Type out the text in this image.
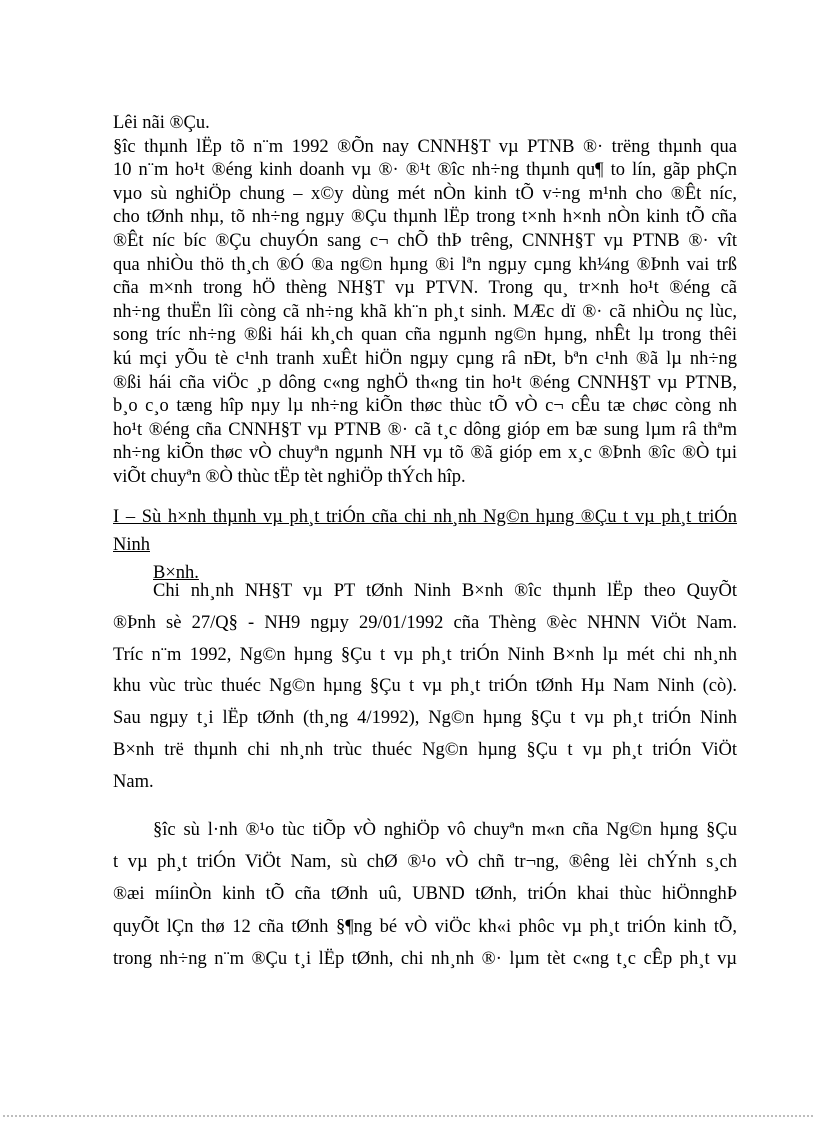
Lêi nãi ®Çu.
§îc thµnh lËp tõ n¨m 1992 ®Õn nay CNNH§T vµ PTNB ®· trëng thµnh qua
10 n¨m ho¹t ®éng kinh doanh vµ ®· ®¹t ®îc nh÷ng thµnh qu¶ to lín, gãp phÇn
vµo sù nghiÖp chung – x©y dùng mét nÒn kinh tÕ v÷ng m¹nh cho ®Êt níc,
cho tØnh nhµ, tõ nh÷ng ngµy ®Çu thµnh lËp trong t×nh h×nh nÒn kinh tÕ cña
®Êt níc bíc ®Çu chuyÓn sang c¬ chÕ thÞ trêng, CNNH§T vµ PTNB ®· vît
qua nhiÒu thö th¸ch ®Ó ®a ng©n hµng ®i lªn ngµy cµng kh¼ng ®Þnh vai trß
cña m×nh trong hÖ thèng NH§T vµ PTVN. Trong qu¸ tr×nh ho¹t ®éng cã
nh÷ng thuËn lîi còng cã nh÷ng khã kh¨n ph¸t sinh. MÆc dï ®· cã nhiÒu nç lùc,
song tríc nh÷ng ®ßi hái kh¸ch quan cña ngµnh ng©n hµng, nhÊt lµ trong thêi
kú mçi yÕu tè c¹nh tranh xuÊt hiÖn ngµy cµng râ nÐt, bªn c¹nh ®ã lµ nh÷ng
®ßi hái cña viÖc ¸p dông c«ng nghÖ th«ng tin ho¹t ®éng CNNH§T vµ PTNB,
b¸o c¸o tæng hîp nµy lµ nh÷ng kiÕn thøc thùc tÕ vÒ c¬ cÊu tæ chøc còng nh
ho¹t ®éng cña CNNH§T vµ PTNB ®· cã t¸c dông gióp em bæ sung lµm râ thªm
nh÷ng kiÕn thøc vÒ chuyªn ngµnh NH vµ tõ ®ã gióp em x¸c ®Þnh ®îc ®Ò tµi
viÕt chuyªn ®Ò thùc tËp tèt nghiÖp thÝch hîp.
I – Sù h×nh thµnh vµ ph¸t triÓn cña chi nh¸nh Ng©n hµng ®Çu t vµ ph¸t triÓn Ninh
B×nh.
Chi nh¸nh NH§T vµ PT tØnh Ninh B×nh ®îc thµnh lËp theo QuyÕt
®Þnh sè 27/Q§ - NH9 ngµy 29/01/1992 cña Thèng ®èc NHNN ViÖt Nam.
Tríc n¨m 1992, Ng©n hµng §Çu t vµ ph¸t triÓn Ninh B×nh lµ mét chi nh¸nh
khu vùc trùc thuéc Ng©n hµng §Çu t vµ ph¸t triÓn tØnh Hµ Nam Ninh (cò).
Sau ngµy t¸i lËp tØnh (th¸ng 4/1992), Ng©n hµng §Çu t vµ ph¸t triÓn Ninh
B×nh trë thµnh chi nh¸nh trùc thuéc Ng©n hµng §Çu t vµ ph¸t triÓn ViÖt
Nam.
§îc sù l·nh ®¹o tùc tiÕp vÒ nghiÖp vô chuyªn m«n cña Ng©n hµng §Çu
t vµ ph¸t triÓn ViÖt Nam, sù chØ ®¹o vÒ chñ tr¬ng, ®êng lèi chÝnh s¸ch
®æi míinÒn kinh tÕ cña tØnh uû, UBND tØnh, triÓn khai thùc hiÖnnghÞ
quyÕt lÇn thø 12 cña tØnh §¶ng bé vÒ viÖc kh«i phôc vµ ph¸t triÓn kinh tÕ,
trong nh÷ng n¨m ®Çu t¸i lËp tØnh, chi nh¸nh ®· lµm tèt c«ng t¸c cÊp ph¸t vµ
